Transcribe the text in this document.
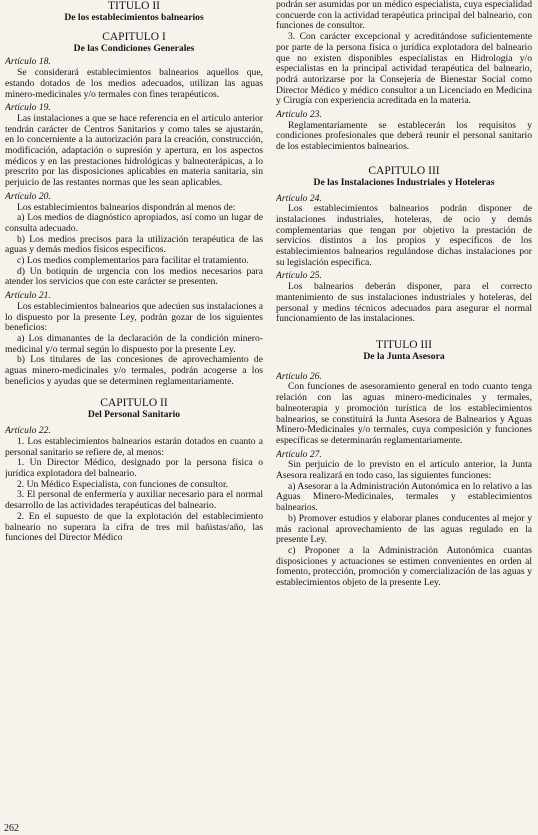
TITULO II
De los establecimientos balnearios
CAPITULO I
De las Condiciones Generales
Artículo 18.

Se considerará establecimientos balnearios aquellos que, estando dotados de los medios adecuados, utilizan las aguas minero-medicinales y/o termales con fines terapéuticos.

Artículo 19.

Las instalaciones a que se hace referencia en el artículo anterior tendrán carácter de Centros Sanitarios y como tales se ajustarán, en lo concerniente a la autorización para la creación, construcción, modificación, adaptación o supresión y apertura, en los aspectos médicos y en las prestaciones hidrológicas y balneoterápicas, a lo prescrito por las disposiciones aplicables en materia sanitaria, sin perjuicio de las restantes normas que les sean aplicables.

Artículo 20.

Los establecimientos balnearios dispondrán al menos de:

a) Los medios de diagnóstico apropiados, así como un lugar de consulta adecuado.

b) Los medios precisos para la utilización terapéutica de las aguas y demás medios físicos específicos.

c) Los medios complementarios para facilitar el tratamiento.

d) Un botiquín de urgencia con los medios necesarios para atender los servicios que con este carácter se presenten.

Artículo 21.

Los establecimientos balnearios que adecúen sus instalaciones a lo dispuesto por la presente Ley, podrán gozar de los siguientes beneficios:

a) Los dimanantes de la declaración de la condición minero-medicinal y/o termal según lo dispuesto por la presente Ley.

b) Los titulares de las concesiones de aprovechamiento de aguas minero-medicinales y/o termales, podrán acogerse a los beneficios y ayudas que se determinen reglamentariamente.

CAPITULO II
Del Personal Sanitario
Artículo 22.

1. Los establecimientos balnearios estarán dotados en cuanto a personal sanitario se refiere de, al menos:

1. Un Director Médico, designado por la persona física o jurídica explotadora del balneario.

2. Un Médico Especialista, con funciones de consultor.

3. El personal de enfermería y auxiliar necesario para el normal desarrollo de las actividades terapéuticas del balneario.

2. En el supuesto de que la explotación del establecimiento balneario no superara la cifra de tres mil bañistas/año, las funciones del Director Médico

podrán ser asumidas por un médico especialista, cuya especialidad concuerde con la actividad terapéutica principal del balneario, con funciones de consultor.

3. Con carácter excepcional y acreditándose suficientemente por parte de la persona física o jurídica explotadora del balneario que no existen disponibles especialistas en Hidrología y/o especialistas en la principal actividad terapéutica del balneario, podrá autorizarse por la Consejería de Bienestar Social como Director Médico y médico consultor a un Licenciado en Medicina y Cirugía con experiencia acreditada en la materia.

Artículo 23.

Reglamentariamente se establecerán los requisitos y condiciones profesionales que deberá reunir el personal sanitario de los establecimientos balnearios.

CAPITULO III
De las Instalaciones Industriales y Hoteleras
Artículo 24.

Los establecimientos balnearios podrán disponer de instalaciones industriales, hoteleras, de ocio y demás complementarias que tengan por objetivo la prestación de servicios distintos a los propios y específicos de los establecimientos balnearios regulándose dichas instalaciones por su legislación específica.

Artículo 25.

Los balnearios deberán disponer, para el correcto mantenimiento de sus instalaciones industriales y hoteleras, del personal y medios técnicos adecuados para asegurar el normal funcionamiento de las instalaciones.

TITULO III
De la Junta Asesora
Artículo 26.

Con funciones de asesoramiento general en todo cuanto tenga relación con las aguas minero-medicinales y termales, balneoterapia y promoción turística de los establecimientos balnearios, se constituirá la Junta Asesora de Balnearios y Aguas Minero-Medicinales y/o termales, cuya composición y funciones específicas se determinarán reglamentariamente.

Artículo 27.

Sin perjuicio de lo previsto en el artículo anterior, la Junta Asesora realizará en todo caso, las siguientes funciones:

a) Asesorar a la Administración Autonómica en lo relativo a las Aguas Minero-Medicinales, termales y establecimientos balnearios.

b) Promover estudios y elaborar planes conducentes al mejor y más racional aprovechamiento de las aguas regulado en la presente Ley.

c) Proponer a la Administración Autonómica cuantas disposiciones y actuaciones se estimen convenientes en orden al fomento, protección, promoción y comercialización de las aguas y establecimientos objeto de la presente Ley.

262
